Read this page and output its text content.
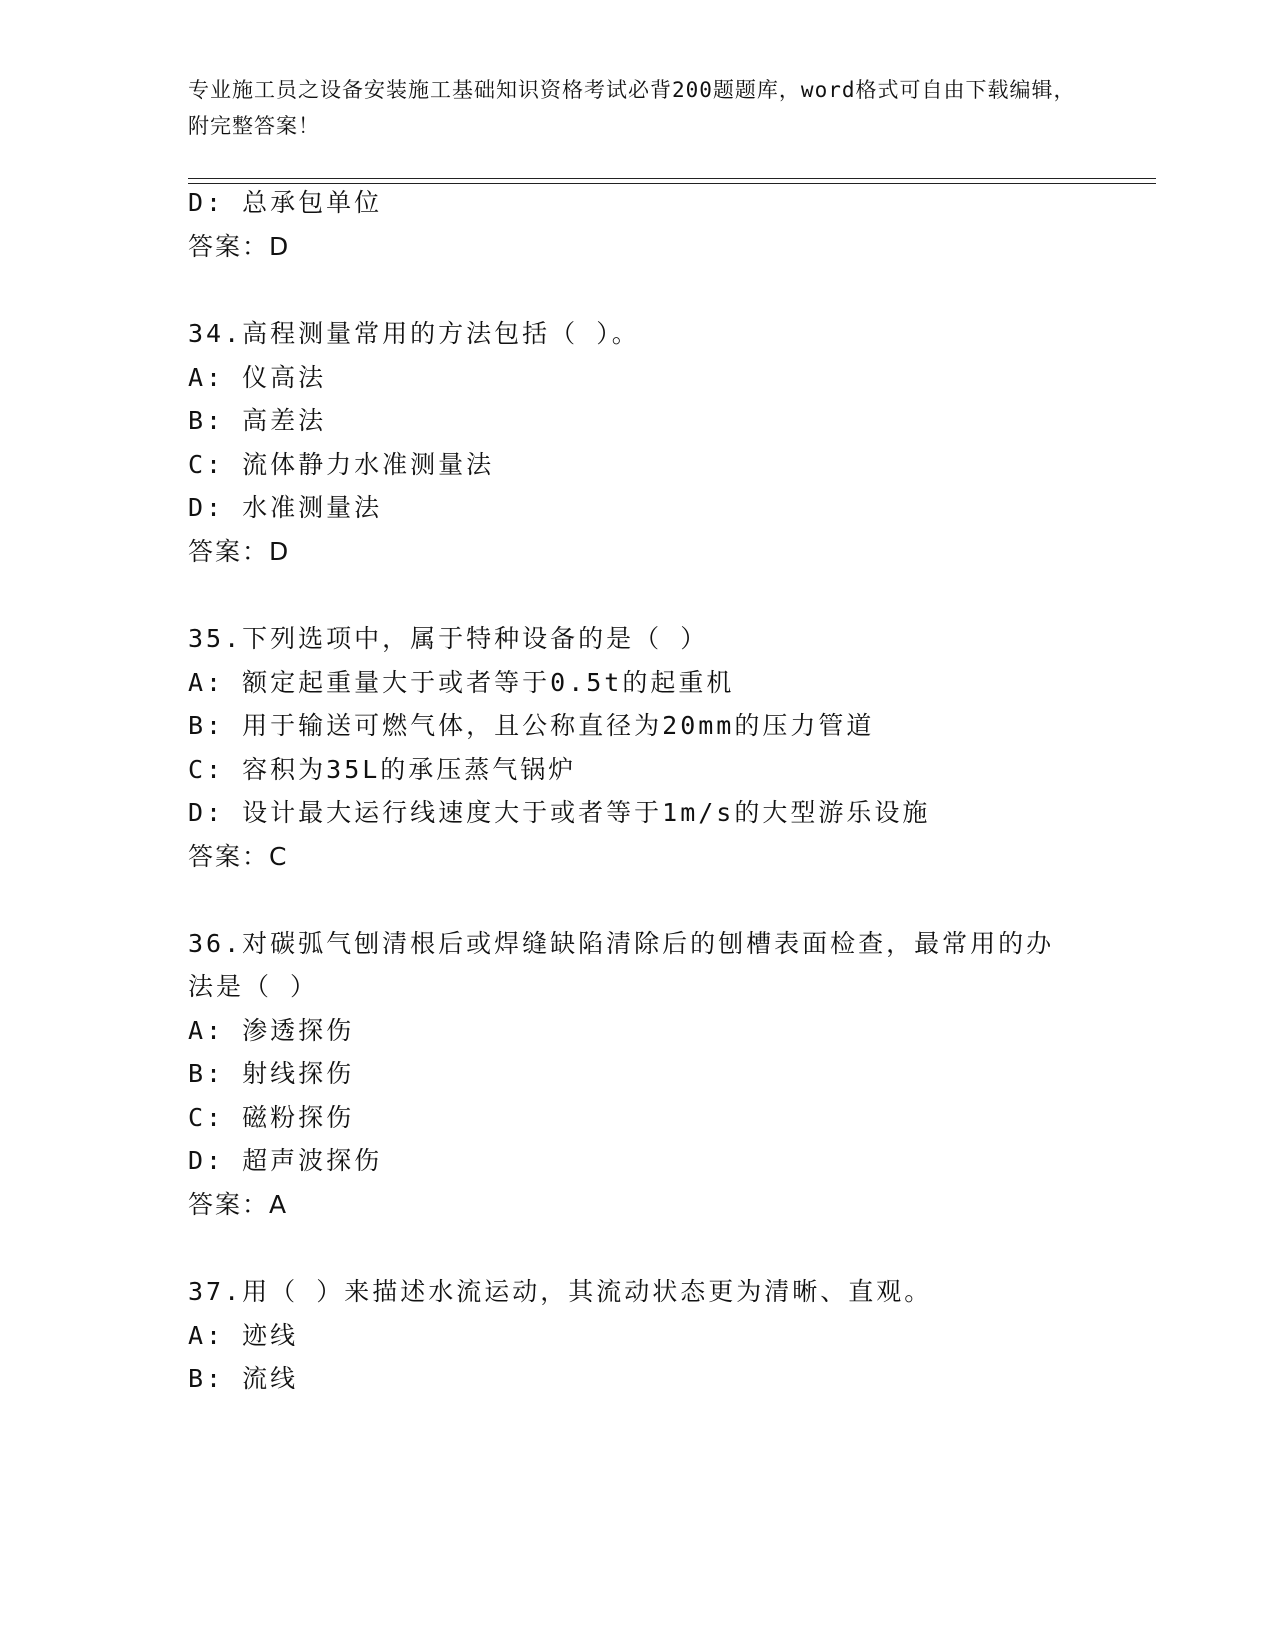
专业施工员之设备安装施工基础知识资格考试必背200题题库，word格式可自由下载编辑，附完整答案！
D: 总承包单位
答案：D
34.高程测量常用的方法包括（ ）。
A: 仪高法
B: 高差法
C: 流体静力水准测量法
D: 水准测量法
答案：D
35.下列选项中，属于特种设备的是（ ）
A: 额定起重量大于或者等于0.5t的起重机
B: 用于输送可燃气体，且公称直径为20mm的压力管道
C: 容积为35L的承压蒸气锅炉
D: 设计最大运行线速度大于或者等于1m/s的大型游乐设施
答案：C
36.对碳弧气刨清根后或焊缝缺陷清除后的刨槽表面检查，最常用的办
法是（ ）
A: 渗透探伤
B: 射线探伤
C: 磁粉探伤
D: 超声波探伤
答案：A
37.用（ ）来描述水流运动，其流动状态更为清晰、直观。
A: 迹线
B: 流线
